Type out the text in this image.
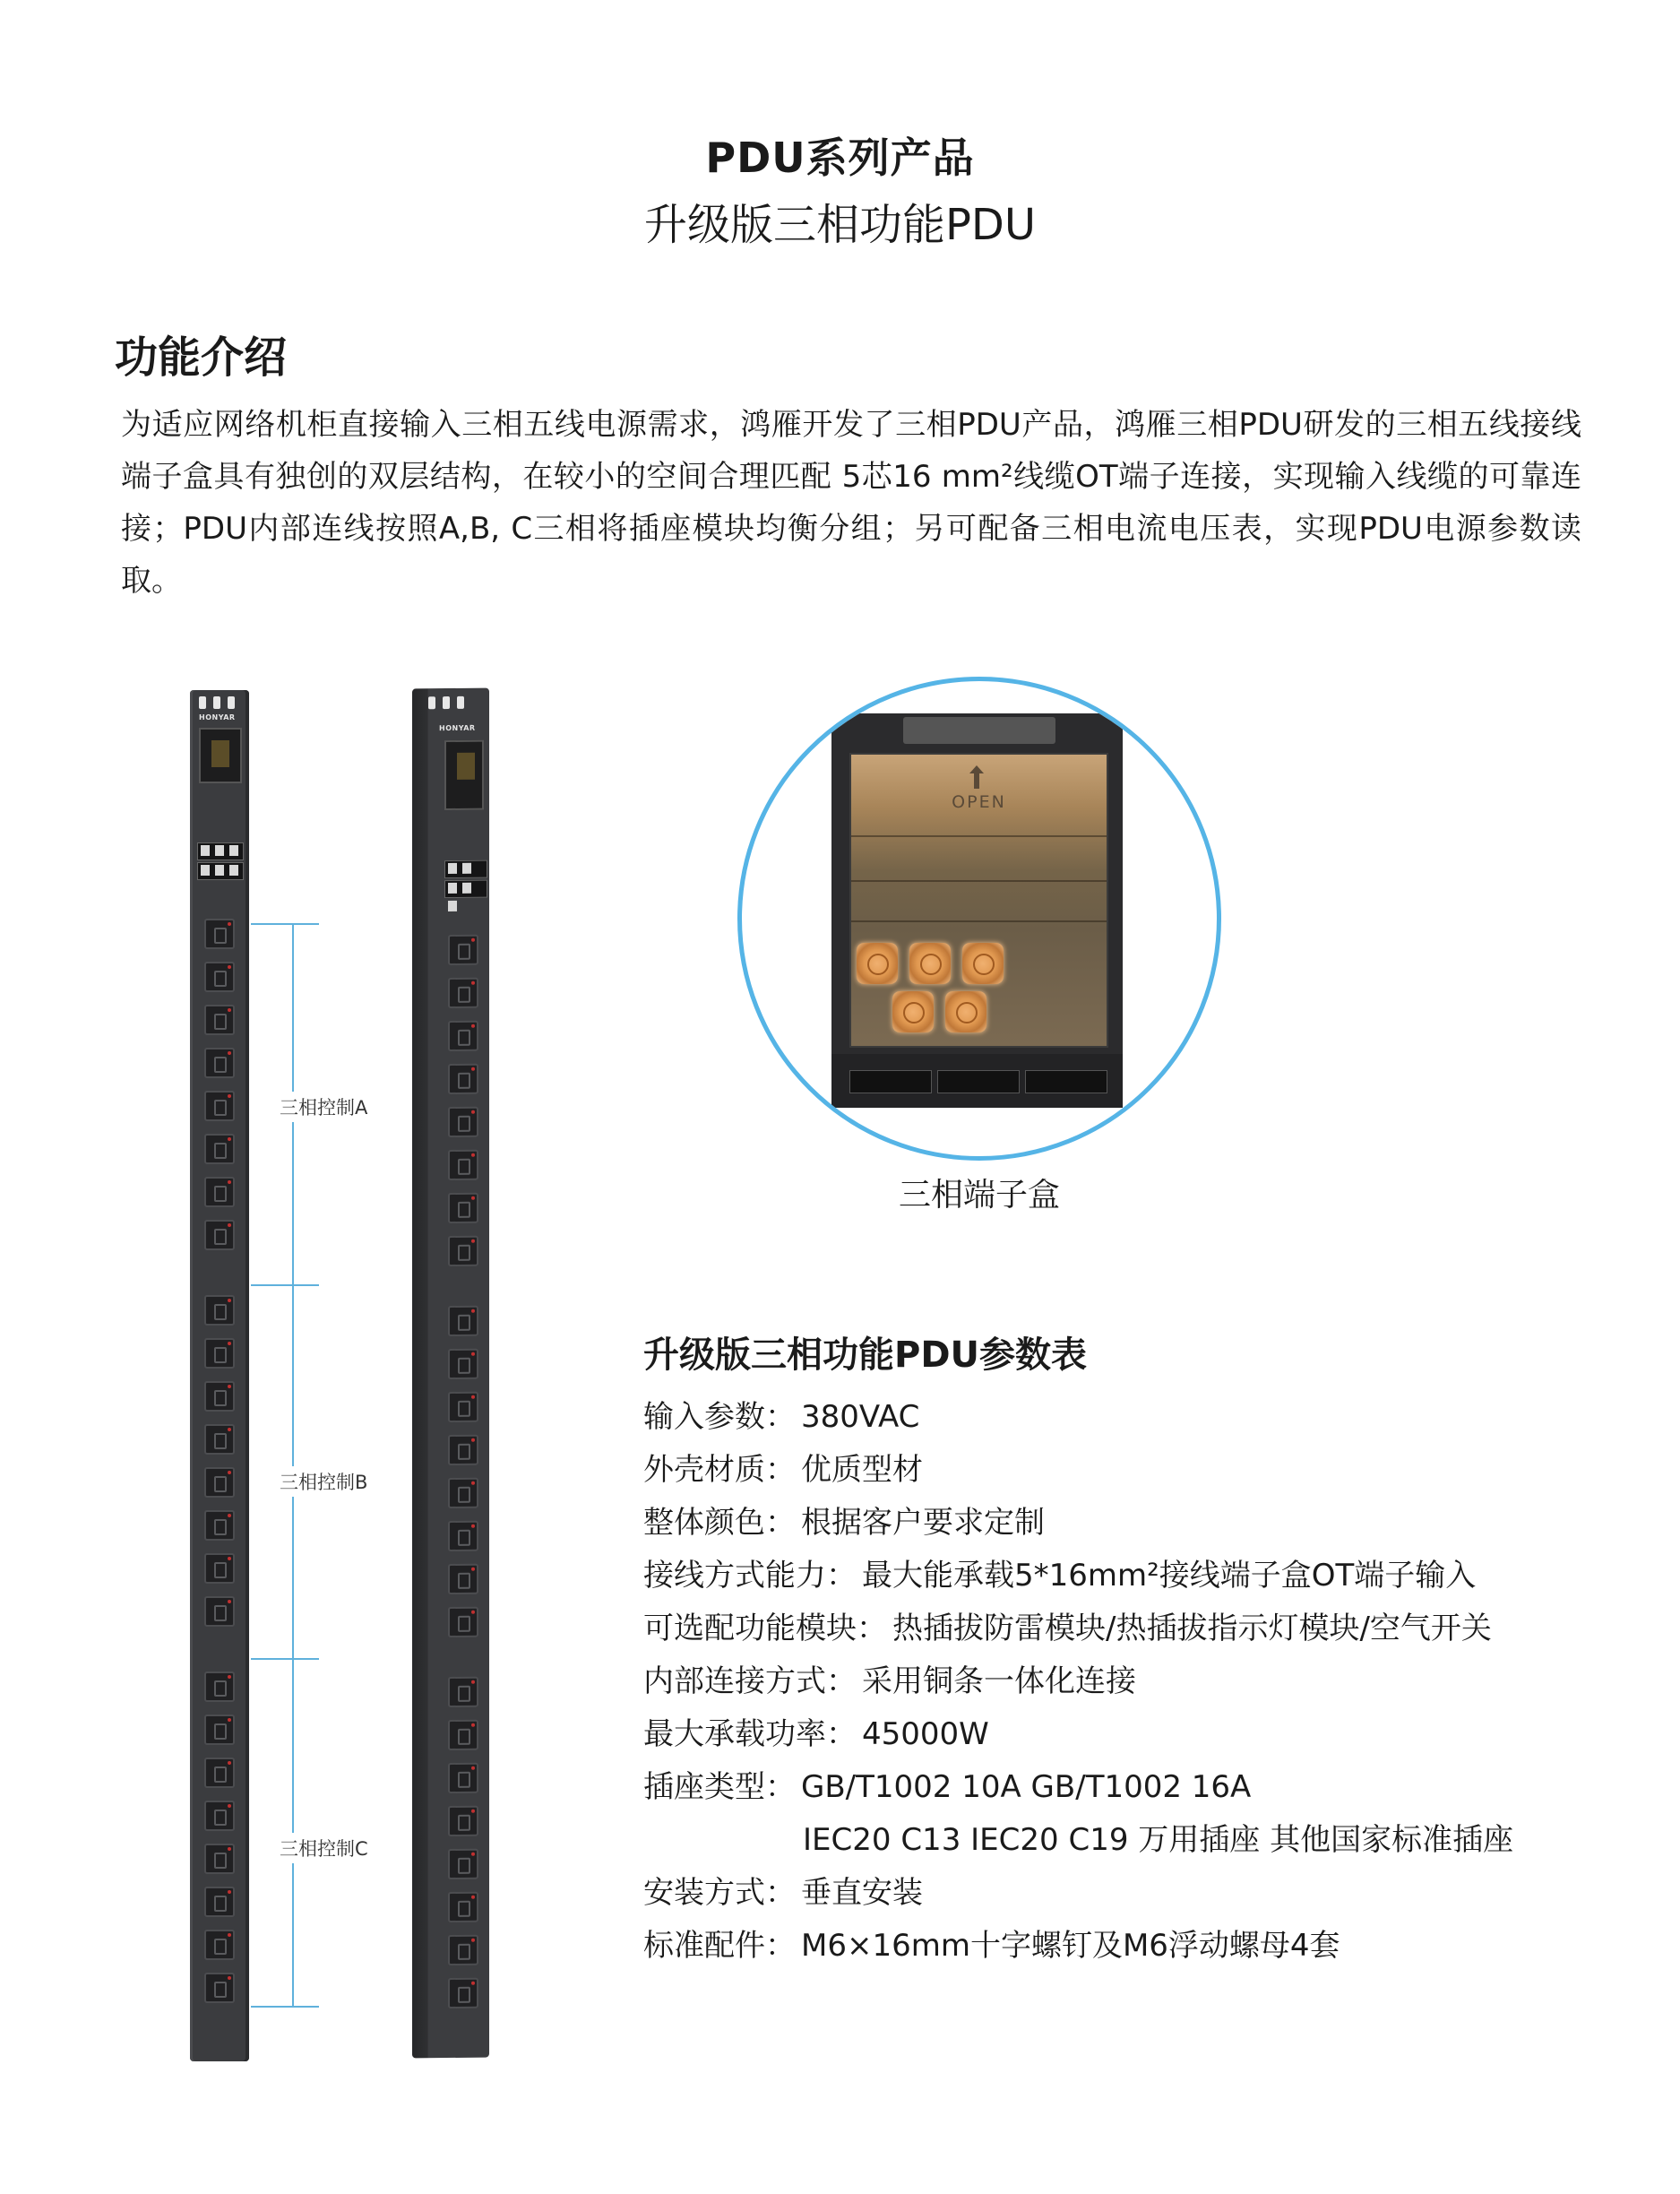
PDU系列产品
升级版三相功能PDU
功能介绍
为适应网络机柜直接输入三相五线电源需求，鸿雁开发了三相PDU产品，鸿雁三相PDU研发的三相五线接线端子盒具有独创的双层结构，在较小的空间合理匹配 5芯16 mm²线缆OT端子连接，实现输入线缆的可靠连接；PDU内部连线按照A,B, C三相将插座模块均衡分组；另可配备三相电流电压表，实现PDU电源参数读取。
HONYAR
HONYAR
三相控制A
三相控制B
三相控制C
OPEN
三相端子盒
升级版三相功能PDU参数表
输入参数： 380VAC
外壳材质： 优质型材
整体颜色：根据客户要求定制
接线方式能力： 最大能承载5*16mm²接线端子盒OT端子输入
可选配功能模块： 热插拔防雷模块/热插拔指示灯模块/空气开关
内部连接方式：采用铜条一体化连接
最大承载功率：45000W
插座类型： GB/T1002 10A GB/T1002 16A
IEC20 C13 IEC20 C19 万用插座 其他国家标准插座
安装方式： 垂直安装
标准配件：M6×16mm十字螺钉及M6浮动螺母4套
